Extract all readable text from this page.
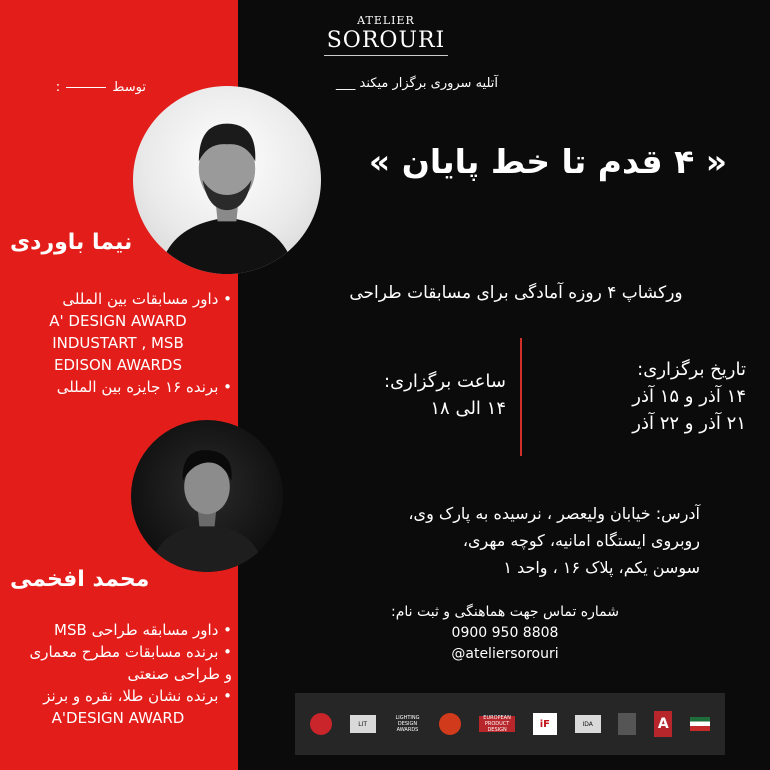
ATELIER
SOROURI
آتلیه سروری برگزار میکند ___
توسط  :
نیما باوردی
• داور مسابقات بین المللی
A' DESIGN AWARD
INDUSTART , MSB
EDISON AWARDS
• برنده ۱۶ جایزه بین المللی
« ۴ قدم تا خط پایان »
ورکشاپ ۴ روزه آمادگی برای مسابقات طراحی
ساعت برگزاری:
۱۴ الی ۱۸
تاریخ برگزاری:
۱۴ آذر و ۱۵ آذر
۲۱ آذر و ۲۲ آذر
محمد افخمی
• داور مسابقه طراحی MSB
• برنده مسابقات مطرح معماری
و طراحی صنعتی
• برنده نشان طلا، نقره و برنز
A'DESIGN AWARD
آدرس: خیابان ولیعصر ، نرسیده به پارک وی،
روبروی ایستگاه امانیه، کوچه مهری،
سوسن یکم، پلاک ۱۶ ، واحد ۱
شماره تماس جهت هماهنگی و ثبت نام:
0900 950 8808
@ateliersorouri
LIT
LIGHTING DESIGN AWARDS
EUROPEAN PRODUCT DESIGN
iF	IDA	A
